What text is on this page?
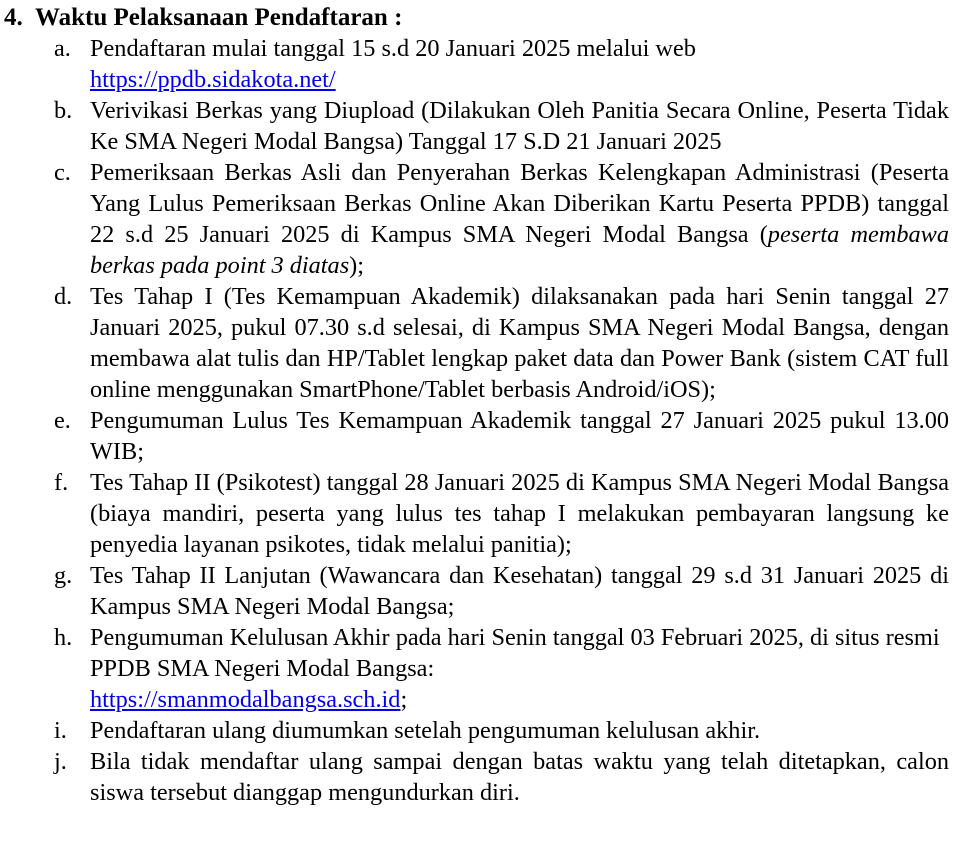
4. Waktu Pelaksanaan Pendaftaran :
a. Pendaftaran mulai tanggal 15 s.d 20 Januari 2025 melalui web
https://ppdb.sidakota.net/
b. Verivikasi Berkas yang Diupload (Dilakukan Oleh Panitia Secara Online, Peserta Tidak Ke SMA Negeri Modal Bangsa) Tanggal 17 S.D 21 Januari 2025
c. Pemeriksaan Berkas Asli dan Penyerahan Berkas Kelengkapan Administrasi (Peserta Yang Lulus Pemeriksaan Berkas Online Akan Diberikan Kartu Peserta PPDB) tanggal 22 s.d 25 Januari 2025 di Kampus SMA Negeri Modal Bangsa (peserta membawa berkas pada point 3 diatas);
d. Tes Tahap I (Tes Kemampuan Akademik) dilaksanakan pada hari Senin tanggal 27 Januari 2025, pukul 07.30 s.d selesai, di Kampus SMA Negeri Modal Bangsa, dengan membawa alat tulis dan HP/Tablet lengkap paket data dan Power Bank (sistem CAT full online menggunakan SmartPhone/Tablet berbasis Android/iOS);
e. Pengumuman Lulus Tes Kemampuan Akademik tanggal 27 Januari 2025 pukul 13.00 WIB;
f. Tes Tahap II (Psikotest) tanggal 28 Januari 2025 di Kampus SMA Negeri Modal Bangsa (biaya mandiri, peserta yang lulus tes tahap I melakukan pembayaran langsung ke penyedia layanan psikotes, tidak melalui panitia);
g. Tes Tahap II Lanjutan (Wawancara dan Kesehatan) tanggal 29 s.d 31 Januari 2025 di Kampus SMA Negeri Modal Bangsa;
h. Pengumuman Kelulusan Akhir pada hari Senin tanggal 03 Februari 2025, di situs resmi PPDB SMA Negeri Modal Bangsa:
https://smanmodalbangsa.sch.id;
i. Pendaftaran ulang diumumkan setelah pengumuman kelulusan akhir.
j. Bila tidak mendaftar ulang sampai dengan batas waktu yang telah ditetapkan, calon siswa tersebut dianggap mengundurkan diri.
